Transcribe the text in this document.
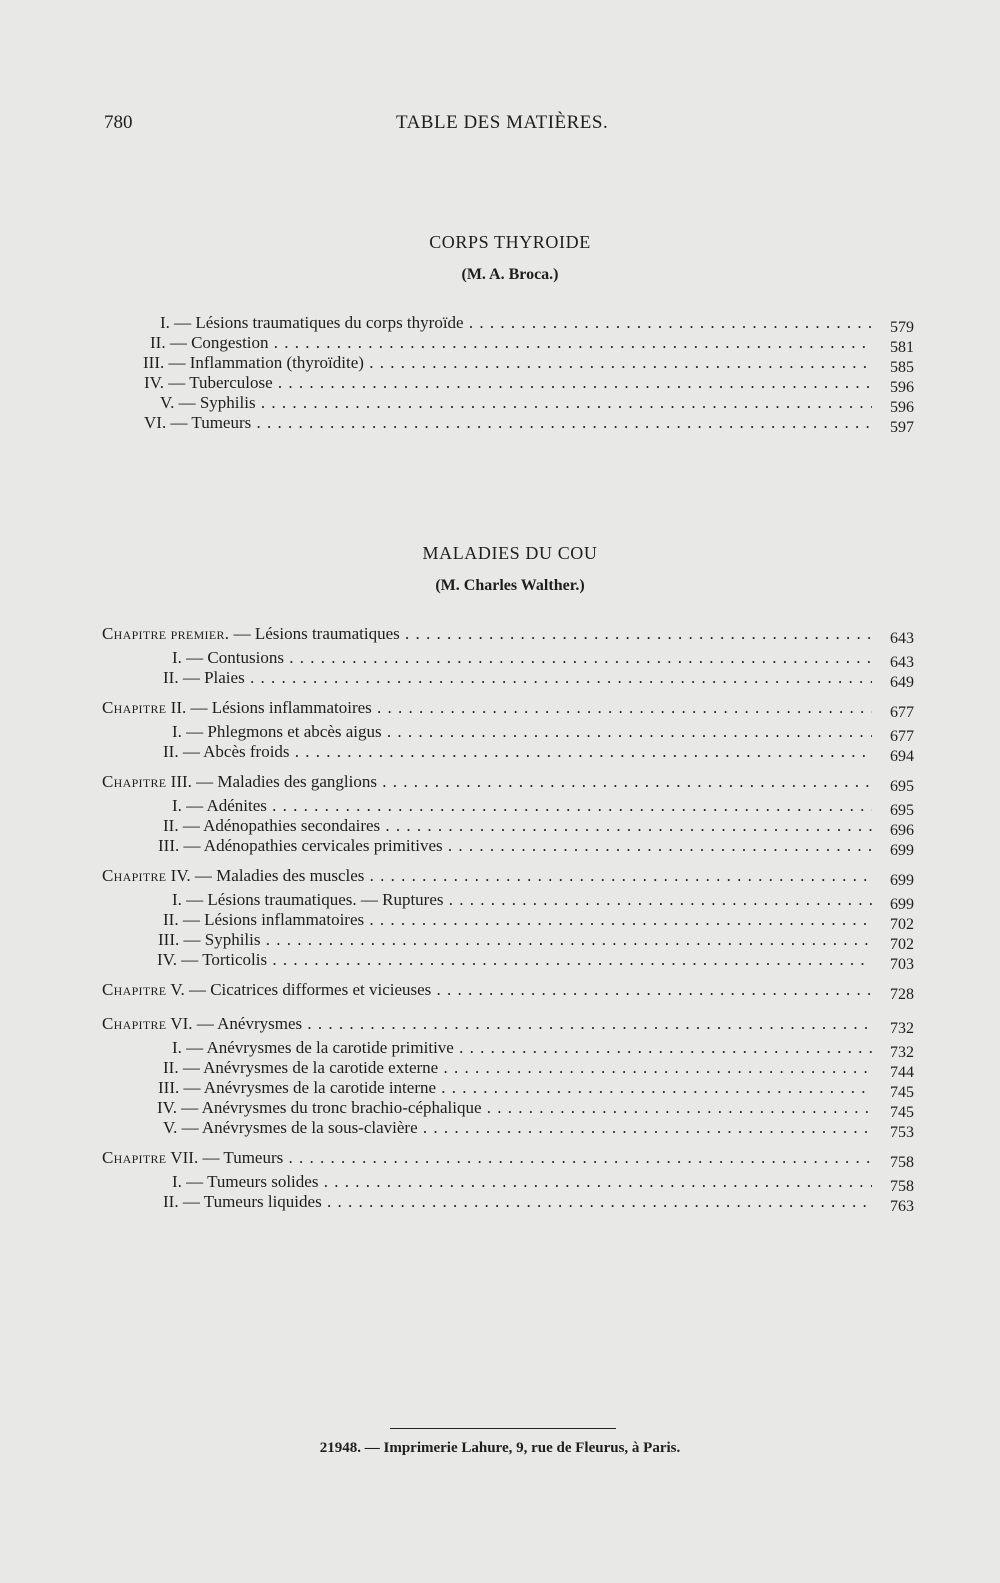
780	TABLE DES MATIÈRES.
CORPS THYROIDE
(M. A. Broca.)
I. — Lésions traumatiques du corps thyroïde . . .	579
II. — Congestion . . .	581
III. — Inflammation (thyroïdite) . . .	585
IV. — Tuberculose . . .	596
V. — Syphilis . . .	596
VI. — Tumeurs . . .	597
MALADIES DU COU
(M. Charles Walther.)
Chapitre premier. — Lésions traumatiques . . .	643
I. — Contusions . . .	643
II. — Plaies . . .	649
Chapitre II. — Lésions inflammatoires . . .	677
I. — Phlegmons et abcès aigus . . .	677
II. — Abcès froids . . .	694
Chapitre III. — Maladies des ganglions . . .	695
I. — Adénites . . .	695
II. — Adénopathies secondaires . . .	696
III. — Adénopathies cervicales primitives . . .	699
Chapitre IV. — Maladies des muscles . . .	699
I. — Lésions traumatiques. — Ruptures . . .	699
II. — Lésions inflammatoires . . .	702
III. — Syphilis . . .	702
IV. — Torticolis . . .	703
Chapitre V. — Cicatrices difformes et vicieuses . . .	728
Chapitre VI. — Anévrysmes . . .	732
I. — Anévrysmes de la carotide primitive . . .	732
II. — Anévrysmes de la carotide externe . . .	744
III. — Anévrysmes de la carotide interne . . .	745
IV. — Anévrysmes du tronc brachio-céphalique . . .	745
V. — Anévrysmes de la sous-clavière . . .	753
Chapitre VII. — Tumeurs . . .	758
I. — Tumeurs solides . . .	758
II. — Tumeurs liquides . . .	763
21948. — Imprimerie Lahure, 9, rue de Fleurus, à Paris.
